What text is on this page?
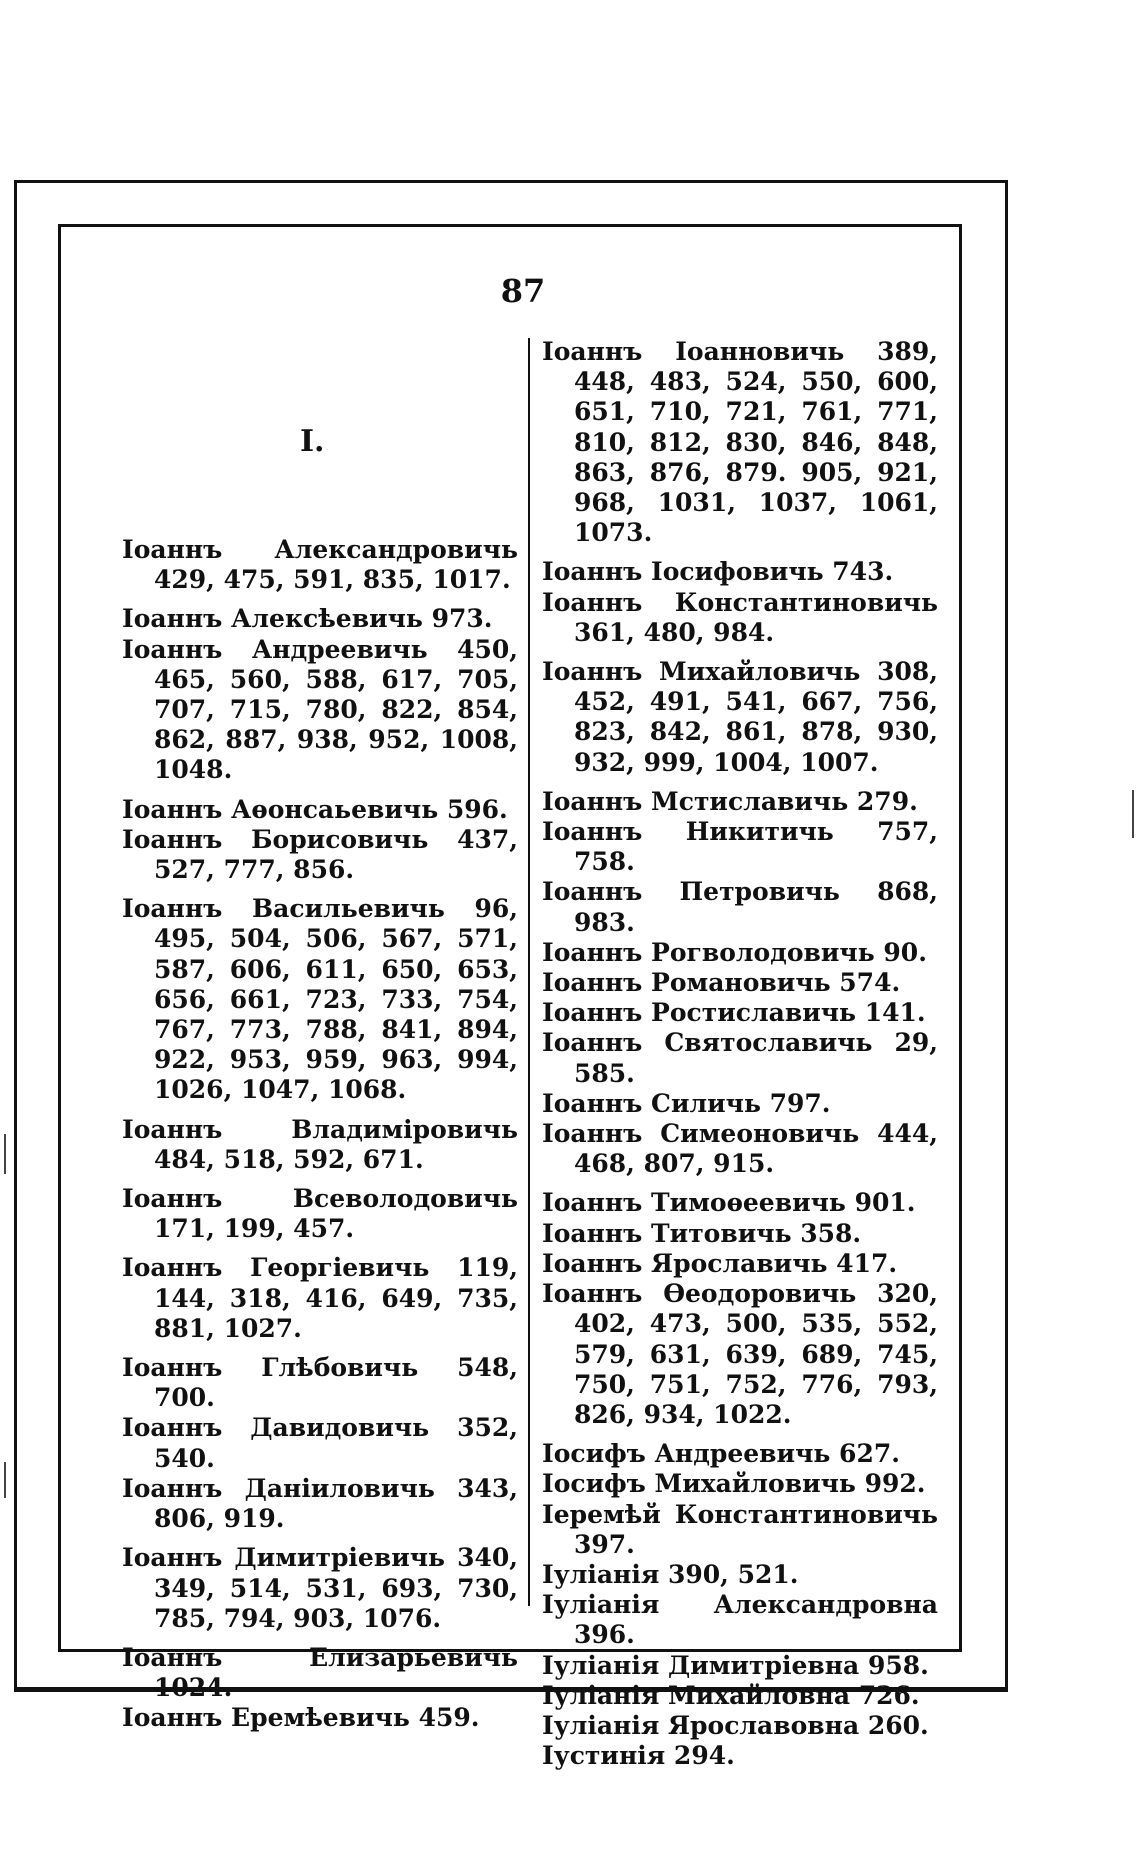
87
I.

Іоаннъ Александровичь 429, 475, 591, 835, 1017.

Іоаннъ Алексѣевичь 973.

Іоаннъ Андреевичь 450, 465, 560, 588, 617, 705, 707, 715, 780, 822, 854, 862, 887, 938, 952, 1008, 1048.

Іоаннъ Аѳонсаьевичь 596.

Іоаннъ Борисовичь 437, 527, 777, 856.

Іоаннъ Васильевичь 96, 495, 504, 506, 567, 571, 587, 606, 611, 650, 653, 656, 661, 723, 733, 754, 767, 773, 788, 841, 894, 922, 953, 959, 963, 994, 1026, 1047, 1068.

Іоаннъ Владимiровичь 484, 518, 592, 671.

Іоаннъ Всеволодовичь 171, 199, 457.

Іоаннъ Георгіевичь 119, 144, 318, 416, 649, 735, 881, 1027.

Іоаннъ Глѣбовичь 548, 700.

Іоаннъ Давидовичь 352, 540.

Іоаннъ Даніиловичь 343, 806, 919.

Іоаннъ Димитріевичь 340, 349, 514, 531, 693, 730, 785, 794, 903, 1076.

Іоаннъ Елизарьевичь 1024.

Іоаннъ Еремѣевичь 459.

Іоаннъ Іоанновичь 389, 448, 483, 524, 550, 600, 651, 710, 721, 761, 771, 810, 812, 830, 846, 848, 863, 876, 879. 905, 921, 968, 1031, 1037, 1061, 1073.

Іоаннъ Іосифовичь 743.

Іоаннъ Константиновичь 361, 480, 984.

Іоаннъ Михайловичь 308, 452, 491, 541, 667, 756, 823, 842, 861, 878, 930, 932, 999, 1004, 1007.

Іоаннъ Мстиславичь 279.

Іоаннъ Никитичь 757, 758.

Іоаннъ Петровичь 868, 983.

Іоаннъ Рогволодовичь 90.

Іоаннъ Романовичь 574.

Іоаннъ Ростиславичь 141.

Іоаннъ Святославичь 29, 585.

Іоаннъ Силичь 797.

Іоаннъ Симеоновичь 444, 468, 807, 915.

Іоаннъ Тимоѳеевичь 901.

Іоаннъ Титовичь 358.

Іоаннъ Ярославичь 417.

Іоаннъ Ѳеодоровичь 320, 402, 473, 500, 535, 552, 579, 631, 639, 689, 745, 750, 751, 752, 776, 793, 826, 934, 1022.

Іосифъ Андреевичь 627.

Іосифъ Михайловичь 992.

Іеремѣй Константиновичь 397.

Іуліанія 390, 521.

Іуліанія Александровна 396.

Іуліанія Димитріевна 958.

Іуліанія Михайловна 726.

Іуліанія Ярославовна 260.

Іустинія 294.
